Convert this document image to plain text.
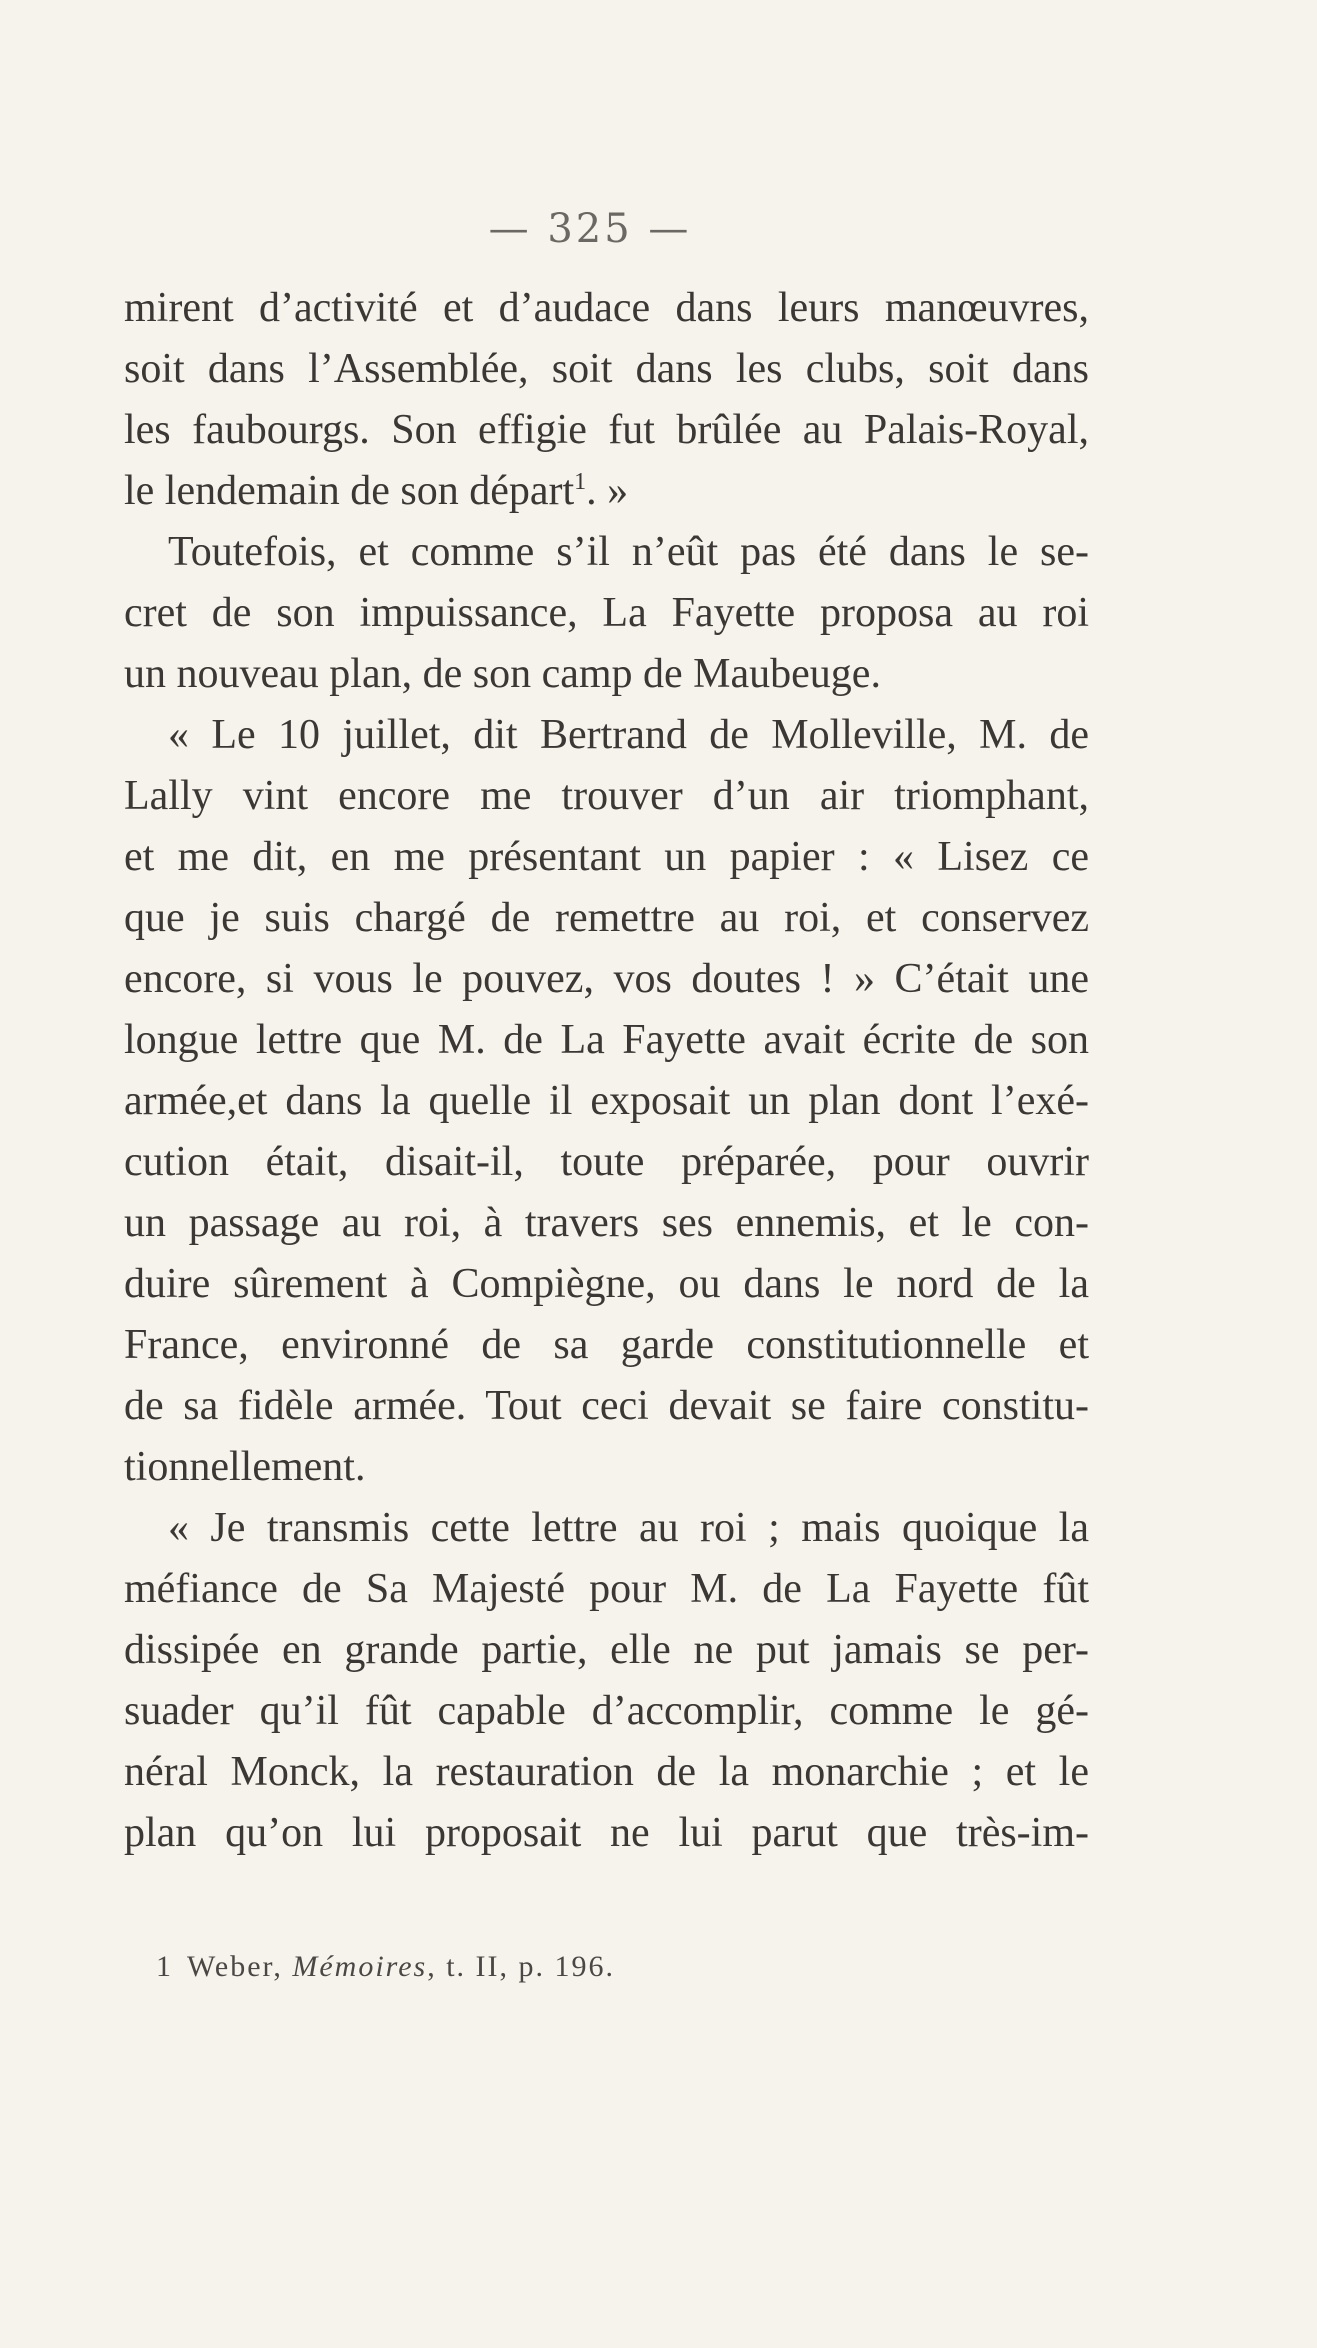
— 325 —
mirent d’activité et d’audace dans leurs manœuvres,
soit dans l’Assemblée, soit dans les clubs, soit dans
les faubourgs. Son effigie fut brûlée au Palais-Royal,
le lendemain de son départ$^1$. »
Toutefois, et comme s’il n’eût pas été dans le se-
cret de son impuissance, La Fayette proposa au roi
un nouveau plan, de son camp de Maubeuge.
« Le 10 juillet, dit Bertrand de Molleville, M. de
Lally vint encore me trouver d’un air triomphant,
et me dit, en me présentant un papier : « Lisez ce
que je suis chargé de remettre au roi, et conservez
encore, si vous le pouvez, vos doutes ! » C’était une
longue lettre que M. de La Fayette avait écrite de son
armée,et dans la quelle il exposait un plan dont l’exé-
cution était, disait-il, toute préparée, pour ouvrir
un passage au roi, à travers ses ennemis, et le con-
duire sûrement à Compiègne, ou dans le nord de la
France, environné de sa garde constitutionnelle et
de sa fidèle armée. Tout ceci devait se faire constitu-
tionnellement.
« Je transmis cette lettre au roi ; mais quoique la
méfiance de Sa Majesté pour M. de La Fayette fût
dissipée en grande partie, elle ne put jamais se per-
suader qu’il fût capable d’accomplir, comme le gé-
néral Monck, la restauration de la monarchie ; et le
plan qu’on lui proposait ne lui parut que très-im-
1 Weber, Mémoires, t. II, p. 196.
